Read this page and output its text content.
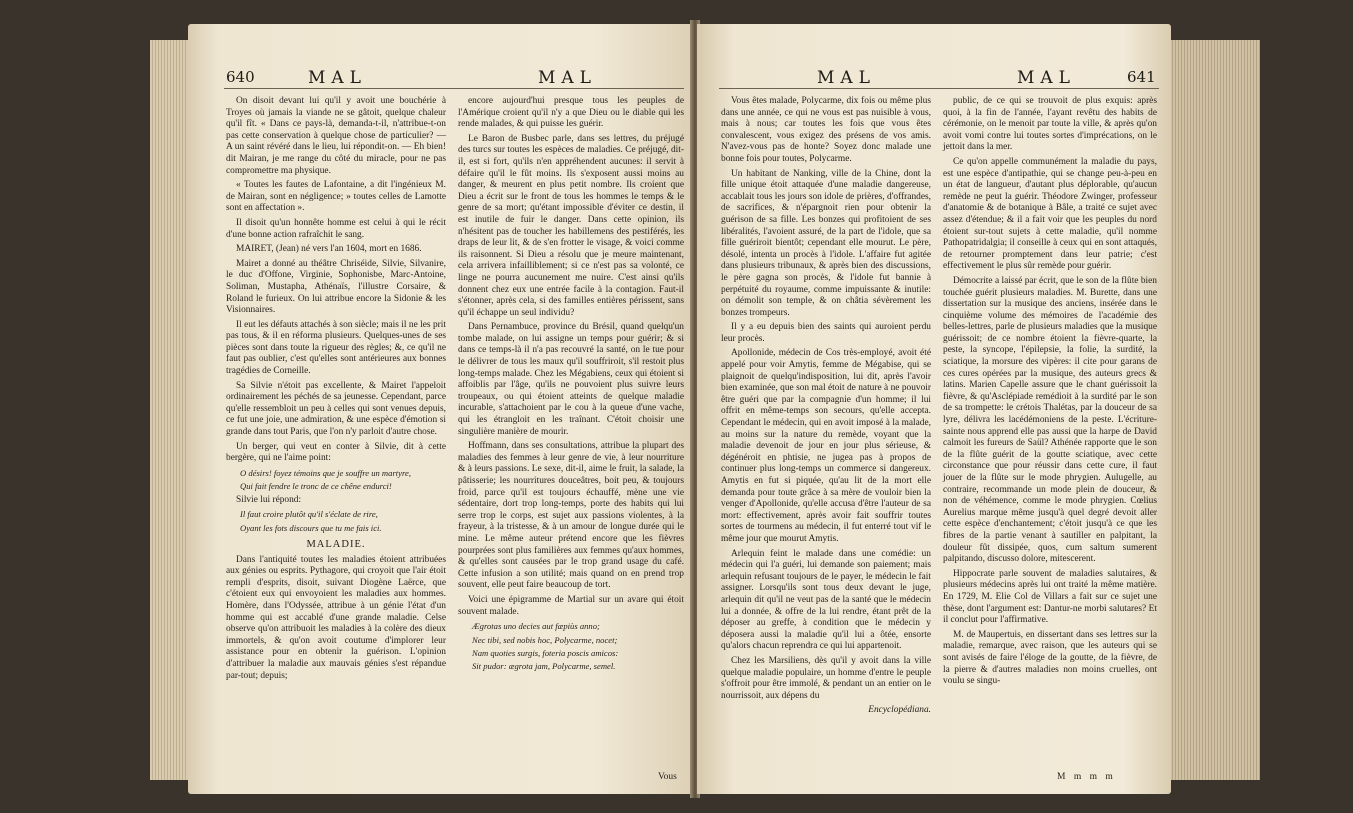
640	MAL	MAL

On disoit devant lui qu'il y avoit une bouchérie à Troyes où jamais la viande ne se gâtoit, quelque chaleur qu'il fît. « Dans ce pays-là, demanda-t-il, n'attribue-t-on pas cette conservation à quelque chose de particulier? — A un saint révéré dans le lieu, lui répondit-on. — Eh bien! dit Mairan, je me range du côté du miracle, pour ne pas compromettre ma physique.

« Toutes les fautes de Lafontaine, a dit l'ingénieux M. de Mairan, sont en négligence; » toutes celles de Lamotte sont en affectation ».

Il disoit qu'un honnête homme est celui à qui le récit d'une bonne action rafraîchit le sang.

MAIRET, (Jean) né vers l'an 1604, mort en 1686.

Mairet a donné au théâtre Chriséide, Silvie, Silvanire, le duc d'Offone, Virginie, Sophonisbe, Marc-Antoine, Soliman, Mustapha, Athénaïs, l'illustre Corsaire, & Roland le furieux. On lui attribue encore la Sidonie & les Visionnaires.

Il eut les défauts attachés à son siècle; mais il ne les prit pas tous, & il en réforma plusieurs. Quelques-unes de ses pièces sont dans toute la rigueur des règles; &, ce qu'il ne faut pas oublier, c'est qu'elles sont antérieures aux bonnes tragédies de Corneille.

Sa Silvie n'étoit pas excellente, & Mairet l'appeloit ordinairement les péchés de sa jeunesse. Cependant, parce qu'elle ressembloit un peu à celles qui sont venues depuis, ce fut une joie, une admiration, & une espèce d'émotion si grande dans tout Paris, que l'on n'y parloit d'autre chose.

Un berger, qui veut en conter à Silvie, dit à cette bergère, qui ne l'aime point:

O désirs! foyez témoins que je souffre un martyre,

Qui fait fendre le tronc de ce chêne endurci!

Silvie lui répond:

Il faut croire plutôt qu'il s'éclate de rire,

Oyant les fots discours que tu me fais ici.

MALADIE.

Dans l'antiquité toutes les maladies étoient attribuées aux génies ou esprits. Pythagore, qui croyoit que l'air étoit rempli d'esprits, disoit, suivant Diogène Laërce, que c'étoient eux qui envoyoient les maladies aux hommes. Homère, dans l'Odyssée, attribue à un génie l'état d'un homme qui est accablé d'une grande maladie. Celse observe qu'on attribuoit les maladies à la colère des dieux immortels, & qu'on avoit coutume d'implorer leur assistance pour en obtenir la guérison. L'opinion d'attribuer la maladie aux mauvais génies s'est répandue par-tout; depuis;

encore aujourd'hui presque tous les peuples de l'Amérique croient qu'il n'y a que Dieu ou le diable qui les rende malades, & qui puisse les guérir.

Le Baron de Busbec parle, dans ses lettres, du préjugé des turcs sur toutes les espèces de maladies. Ce préjugé, dit-il, est si fort, qu'ils n'en appréhendent aucunes: il servit à défaire qu'il le fût moins. Ils s'exposent aussi moins au danger, & meurent en plus petit nombre. Ils croient que Dieu a écrit sur le front de tous les hommes le temps & le genre de sa mort; qu'étant impossible d'éviter ce destin, il est inutile de fuir le danger. Dans cette opinion, ils n'hésitent pas de toucher les habillemens des pestiférés, les draps de leur lit, & de s'en frotter le visage, & voici comme ils raisonnent. Si Dieu a résolu que je meure maintenant, cela arrivera infailliblement; si ce n'est pas sa volonté, ce linge ne pourra aucunement me nuire. C'est ainsi qu'ils donnent chez eux une entrée facile à la contagion. Faut-il s'étonner, après cela, si des familles entières périssent, sans qu'il échappe un seul individu?

Dans Pernambuce, province du Brésil, quand quelqu'un tombe malade, on lui assigne un temps pour guérir; & si dans ce temps-là il n'a pas recouvré la santé, on le tue pour le délivrer de tous les maux qu'il souffriroit, s'il restoit plus long-temps malade. Chez les Mégabiens, ceux qui étoient si affoiblis par l'âge, qu'ils ne pouvoient plus suivre leurs troupeaux, ou qui étoient atteints de quelque maladie incurable, s'attachoient par le cou à la queue d'une vache, qui les étrangloit en les traînant. C'étoit choisir une singulière manière de mourir.

Hoffmann, dans ses consultations, attribue la plupart des maladies des femmes à leur genre de vie, à leur nourriture & à leurs passions. Le sexe, dit-il, aime le fruit, la salade, la pâtisserie; les nourritures douceâtres, boit peu, & toujours froid, parce qu'il est toujours échauffé, mène une vie sédentaire, dort trop long-temps, porte des habits qui lui serre trop le corps, est sujet aux passions violentes, à la frayeur, à la tristesse, & à un amour de longue durée qui le mine. Le même auteur prétend encore que les fièvres pourprées sont plus familières aux femmes qu'aux hommes, & qu'elles sont causées par le trop grand usage du café. Cette infusion a son utilité; mais quand on en prend trop souvent, elle peut faire beaucoup de tort.

Voici une épigramme de Martial sur un avare qui étoit souvent malade.

Ægrotas uno decies aut fæpiùs anno;

Nec tibi, sed nobis hoc, Polycarme, nocet;

Nam quoties surgis, foteria poscis amicos:

Sit pudor: ægrota jam, Polycarme, semel.

Vous
MAL	MAL	641

Vous êtes malade, Polycarme, dix fois ou même plus dans une année, ce qui ne vous est pas nuisible à vous, mais à nous; car toutes les fois que vous êtes convalescent, vous exigez des présens de vos amis. N'avez-vous pas de honte? Soyez donc malade une bonne fois pour toutes, Polycarme.

Un habitant de Nanking, ville de la Chine, dont la fille unique étoit attaquée d'une maladie dangereuse, accablait tous les jours son idole de prières, d'offrandes, de sacrifices, & n'épargnoit rien pour obtenir la guérison de sa fille. Les bonzes qui profitoient de ses libéralités, l'avoient assuré, de la part de l'idole, que sa fille guériroit bientôt; cependant elle mourut. Le père, désolé, intenta un procès à l'idole. L'affaire fut agitée dans plusieurs tribunaux, & après bien des discussions, le père gagna son procès, & l'idole fut bannie à perpétuité du royaume, comme impuissante & inutile: on démolit son temple, & on châtia sévèrement les bonzes trompeurs.

Il y a eu depuis bien des saints qui auroient perdu leur procès.

Apollonide, médecin de Cos très-employé, avoit été appelé pour voir Amytis, femme de Mégabise, qui se plaignoit de quelqu'indisposition, lui dit, après l'avoir bien examinée, que son mal étoit de nature à ne pouvoir être guéri que par la compagnie d'un homme; il lui offrit en même-temps son secours, qu'elle accepta. Cependant le médecin, qui en avoit imposé à la malade, au moins sur la nature du remède, voyant que la maladie devenoit de jour en jour plus sérieuse, & dégénéroit en phtisie, ne jugea pas à propos de continuer plus long-temps un commerce si dangereux. Amytis en fut si piquée, qu'au lit de la mort elle demanda pour toute grâce à sa mère de vouloir bien la venger d'Apollonide, qu'elle accusa d'être l'auteur de sa mort: effectivement, après avoir fait souffrir toutes sortes de tourmens au médecin, il fut enterré tout vif le même jour que mourut Amytis.

Arlequin feint le malade dans une comédie: un médecin qui l'a guéri, lui demande son paiement; mais arlequin refusant toujours de le payer, le médecin le fait assigner. Lorsqu'ils sont tous deux devant le juge, arlequin dit qu'il ne veut pas de la santé que le médecin lui a donnée, & offre de la lui rendre, étant prêt de la déposer au greffe, à condition que le médecin y déposera aussi la maladie qu'il lui a ôtée, ensorte qu'alors chacun reprendra ce qui lui appartenoit.

Chez les Marsiliens, dès qu'il y avoit dans la ville quelque maladie populaire, un homme d'entre le peuple s'offroit pour être immolé, & pendant un an entier on le nourrissoit, aux dépens du

Encyclopédiana.

public, de ce qui se trouvoit de plus exquis: après quoi, à la fin de l'année, l'ayant revêtu des habits de cérémonie, on le menoit par toute la ville, & après qu'on avoit vomi contre lui toutes sortes d'imprécations, on le jettoit dans la mer.

Ce qu'on appelle communément la maladie du pays, est une espèce d'antipathie, qui se change peu-à-peu en un état de langueur, d'autant plus déplorable, qu'aucun remède ne peut la guérir. Théodore Zwinger, professeur d'anatomie & de botanique à Bâle, a traité ce sujet avec assez d'étendue; & il a fait voir que les peuples du nord étoient sur-tout sujets à cette maladie, qu'il nomme Pathopatridalgia; il conseille à ceux qui en sont attaqués, de retourner promptement dans leur patrie; c'est effectivement le plus sûr remède pour guérir.

Démocrite a laissé par écrit, que le son de la flûte bien touchée guérit plusieurs maladies. M. Burette, dans une dissertation sur la musique des anciens, insérée dans le cinquième volume des mémoires de l'académie des belles-lettres, parle de plusieurs maladies que la musique guérissoit; de ce nombre étoient la fièvre-quarte, la peste, la syncope, l'épilepsie, la folie, la surdité, la sciatique, la morsure des vipères: il cite pour garans de ces cures opérées par la musique, des auteurs grecs & latins. Marien Capelle assure que le chant guérissoit la fièvre, & qu'Asclépiade remédioit à la surdité par le son de sa trompette: le crétois Thalétas, par la douceur de sa lyre, délivra les lacédémoniens de la peste. L'écriture-sainte nous apprend elle pas aussi que la harpe de David calmoit les fureurs de Saül? Athénée rapporte que le son de la flûte guérit de la goutte sciatique, avec cette circonstance que pour réussir dans cette cure, il faut jouer de la flûte sur le mode phrygien. Aulugelle, au contraire, recommande un mode plein de douceur, & non de véhémence, comme le mode phrygien. Cœlius Aurelius marque même jusqu'à quel degré devoit aller cette espèce d'enchantement; c'étoit jusqu'à ce que les fibres de la partie venant à sautiller en palpitant, la douleur fût dissipée, quos, cum saltum sumerent palpitando, discusso dolore, mitescerent.

Hippocrate parle souvent de maladies salutaires, & plusieurs médecins après lui ont traité la même matière. En 1729, M. Elie Col de Villars a fait sur ce sujet une thèse, dont l'argument est: Dantur-ne morbi salutares? Et il conclut pour l'affirmative.

M. de Maupertuis, en dissertant dans ses lettres sur la maladie, remarque, avec raison, que les auteurs qui se sont avisés de faire l'éloge de la goutte, de la fièvre, de la pierre & d'autres maladies non moins cruelles, ont voulu se singu-

M m m m
